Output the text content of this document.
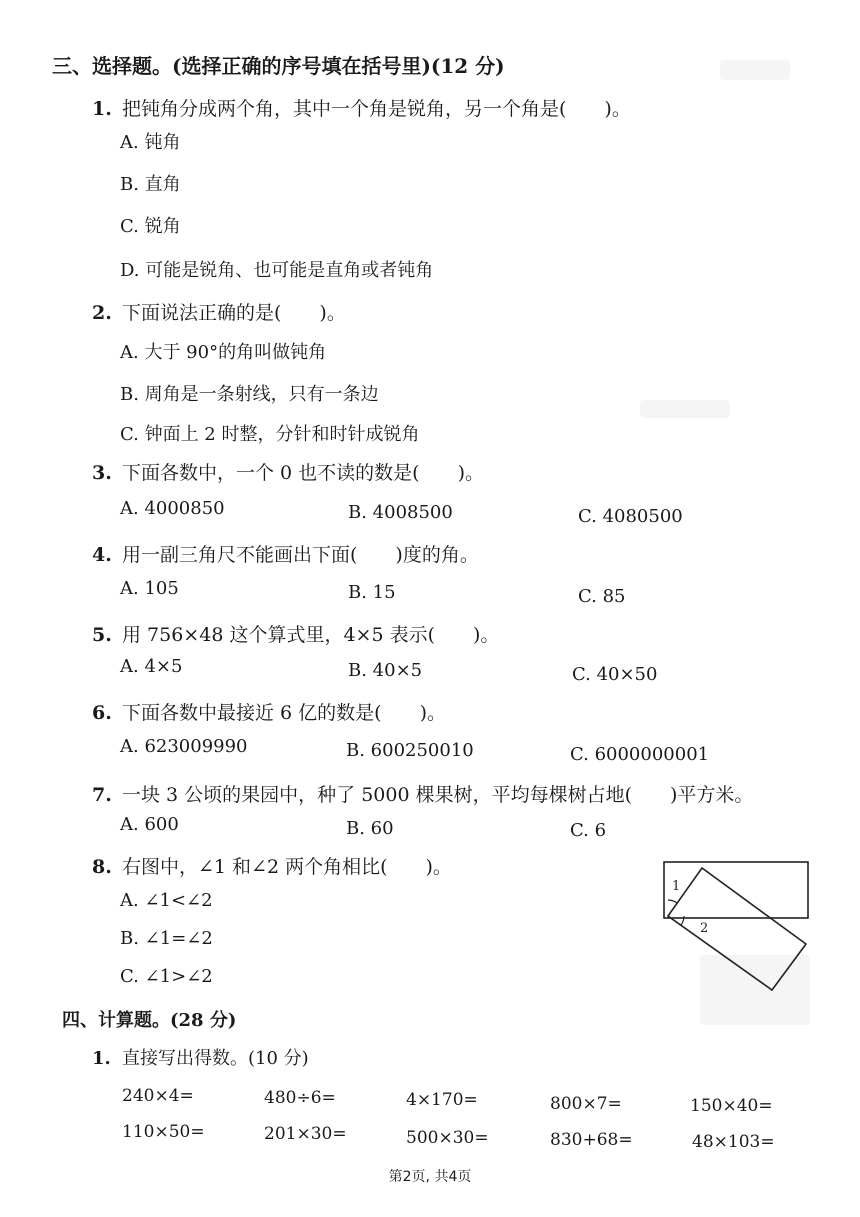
三、选择题。(选择正确的序号填在括号里)(12 分)
1. 把钝角分成两个角，其中一个角是锐角，另一个角是(　　)。
A. 钝角
B. 直角
C. 锐角
D. 可能是锐角、也可能是直角或者钝角
2. 下面说法正确的是(　　)。
A. 大于 90°的角叫做钝角
B. 周角是一条射线，只有一条边
C. 钟面上 2 时整，分针和时针成锐角
3. 下面各数中，一个 0 也不读的数是(　　)。
A. 4000850	B. 4008500	C. 4080500
4. 用一副三角尺不能画出下面(　　)度的角。
A. 105	B. 15	C. 85
5. 用 756×48 这个算式里，4×5 表示(　　)。
A. 4×5	B. 40×5	C. 40×50
6. 下面各数中最接近 6 亿的数是(　　)。
A. 623009990	B. 600250010	C. 6000000001
7. 一块 3 公顷的果园中，种了 5000 棵果树，平均每棵树占地(　　)平方米。
A. 600	B. 60	C. 6
8. 右图中，∠1 和∠2 两个角相比(　　)。
A. ∠1<∠2
B. ∠1=∠2
C. ∠1>∠2
1
2
四、计算题。(28 分)
1. 直接写出得数。(10 分)
240×4=	480÷6=	4×170=	800×7=	150×40=
110×50=	201×30=	500×30=	830+68=	48×103=
第2页, 共4页
